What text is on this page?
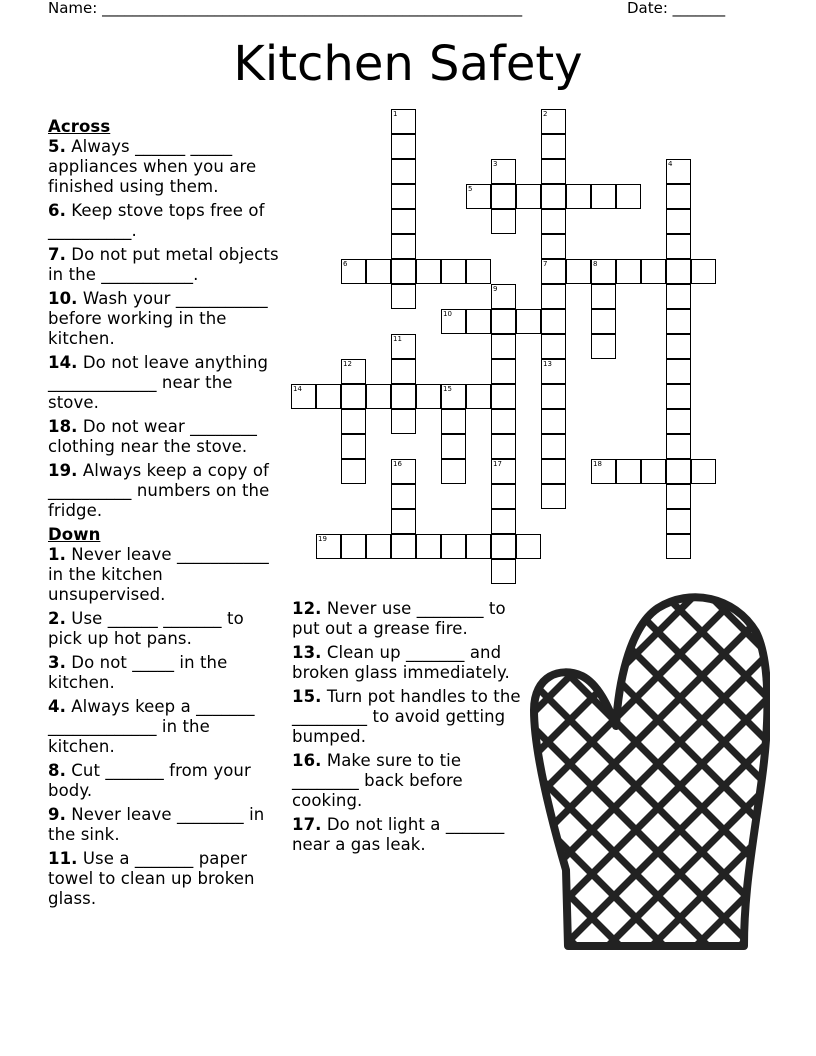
Name: ________________________________________________________	Date: _______
Kitchen Safety
Across
5. Always ______ _____ appliances when you are finished using them.
6. Keep stove tops free of __________.
7. Do not put metal objects in the ___________.
10. Wash your ___________ before working in the kitchen.
14. Do not leave anything _____________ near the stove.
18. Do not wear ________ clothing near the stove.
19. Always keep a copy of __________ numbers on the fridge.
Down
1. Never leave ___________ in the kitchen unsupervised.
2. Use ______ _______ to pick up hot pans.
3. Do not _____ in the kitchen.
4. Always keep a _______ _____________ in the kitchen.
8. Cut _______ from your body.
9. Never leave ________ in the sink.
11. Use a _______ paper towel to clean up broken glass.
12. Never use ________ to put out a grease fire.
13. Clean up _______ and broken glass immediately.
15. Turn pot handles to the _________ to avoid getting bumped.
16. Make sure to tie ________ back before cooking.
17. Do not light a _______ near a gas leak.
1	2
7
3	4
5
6	8
9
17
10
11
12	13
14	15
16	18
19
